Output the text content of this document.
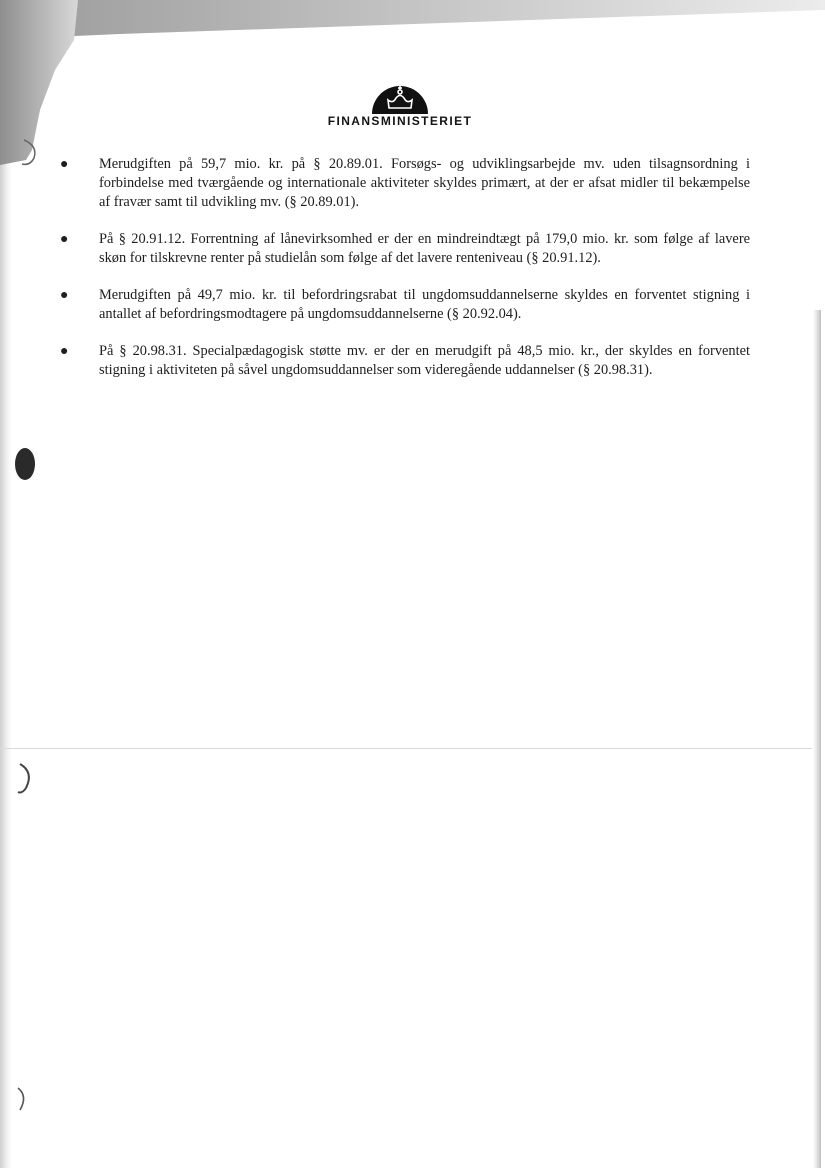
FINANSMINISTERIET
● Merudgiften på 59,7 mio. kr. på § 20.89.01. Forsøgs- og udviklingsarbejde mv. uden tilsagnsordning i forbindelse med tværgående og internationale aktiviteter skyldes primært, at der er afsat midler til bekæmpelse af fravær samt til udvikling mv. (§ 20.89.01).
● På § 20.91.12. Forrentning af lånevirksomhed er der en mindreindtægt på 179,0 mio. kr. som følge af lavere skøn for tilskrevne renter på studielån som følge af det lavere renteniveau (§ 20.91.12).
● Merudgiften på 49,7 mio. kr. til befordringsrabat til ungdomsuddannelserne skyldes en forventet stigning i antallet af befordringsmodtagere på ungdomsuddannelserne (§ 20.92.04).
● På § 20.98.31. Specialpædagogisk støtte mv. er der en merudgift på 48,5 mio. kr., der skyldes en forventet stigning i aktiviteten på såvel ungdomsuddannelser som videregående uddannelser (§ 20.98.31).
